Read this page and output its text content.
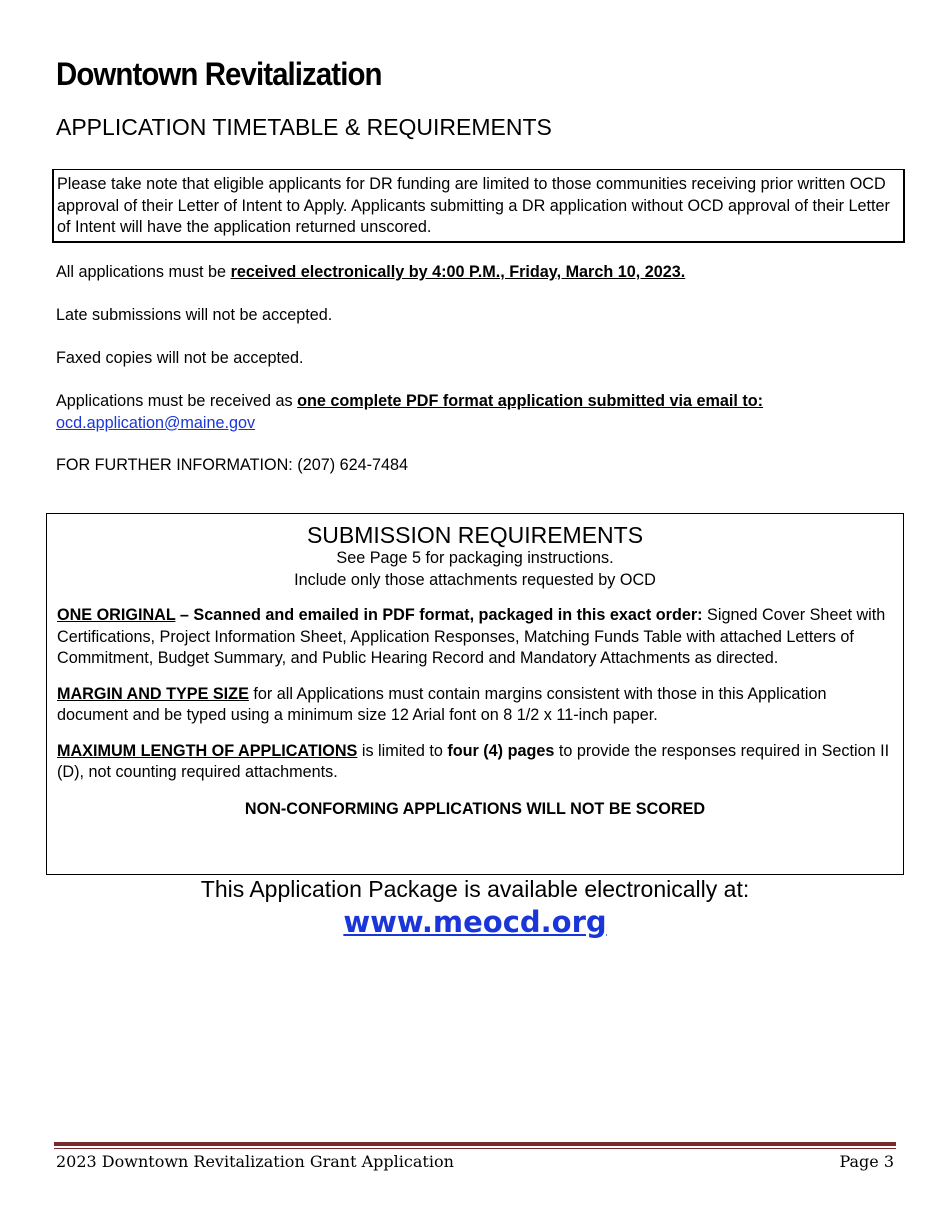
Downtown Revitalization
APPLICATION TIMETABLE & REQUIREMENTS
Please take note that eligible applicants for DR funding are limited to those communities receiving prior written OCD approval of their Letter of Intent to Apply. Applicants submitting a DR application without OCD approval of their Letter of Intent will have the application returned unscored.
All applications must be received electronically by 4:00 P.M., Friday, March 10, 2023.
Late submissions will not be accepted.
Faxed copies will not be accepted.
Applications must be received as one complete PDF format application submitted via email to:
ocd.application@maine.gov
FOR FURTHER INFORMATION: (207) 624-7484
SUBMISSION REQUIREMENTS
See Page 5 for packaging instructions.
Include only those attachments requested by OCD
ONE ORIGINAL – Scanned and emailed in PDF format, packaged in this exact order: Signed Cover Sheet with Certifications, Project Information Sheet, Application Responses, Matching Funds Table with attached Letters of Commitment, Budget Summary, and Public Hearing Record and Mandatory Attachments as directed.
MARGIN AND TYPE SIZE for all Applications must contain margins consistent with those in this Application document and be typed using a minimum size 12 Arial font on 8 1/2 x 11-inch paper.
MAXIMUM LENGTH OF APPLICATIONS is limited to four (4) pages to provide the responses required in Section II (D), not counting required attachments.
NON-CONFORMING APPLICATIONS WILL NOT BE SCORED
This Application Package is available electronically at:
www.meocd.org
2023 Downtown Revitalization Grant Application	Page 3
